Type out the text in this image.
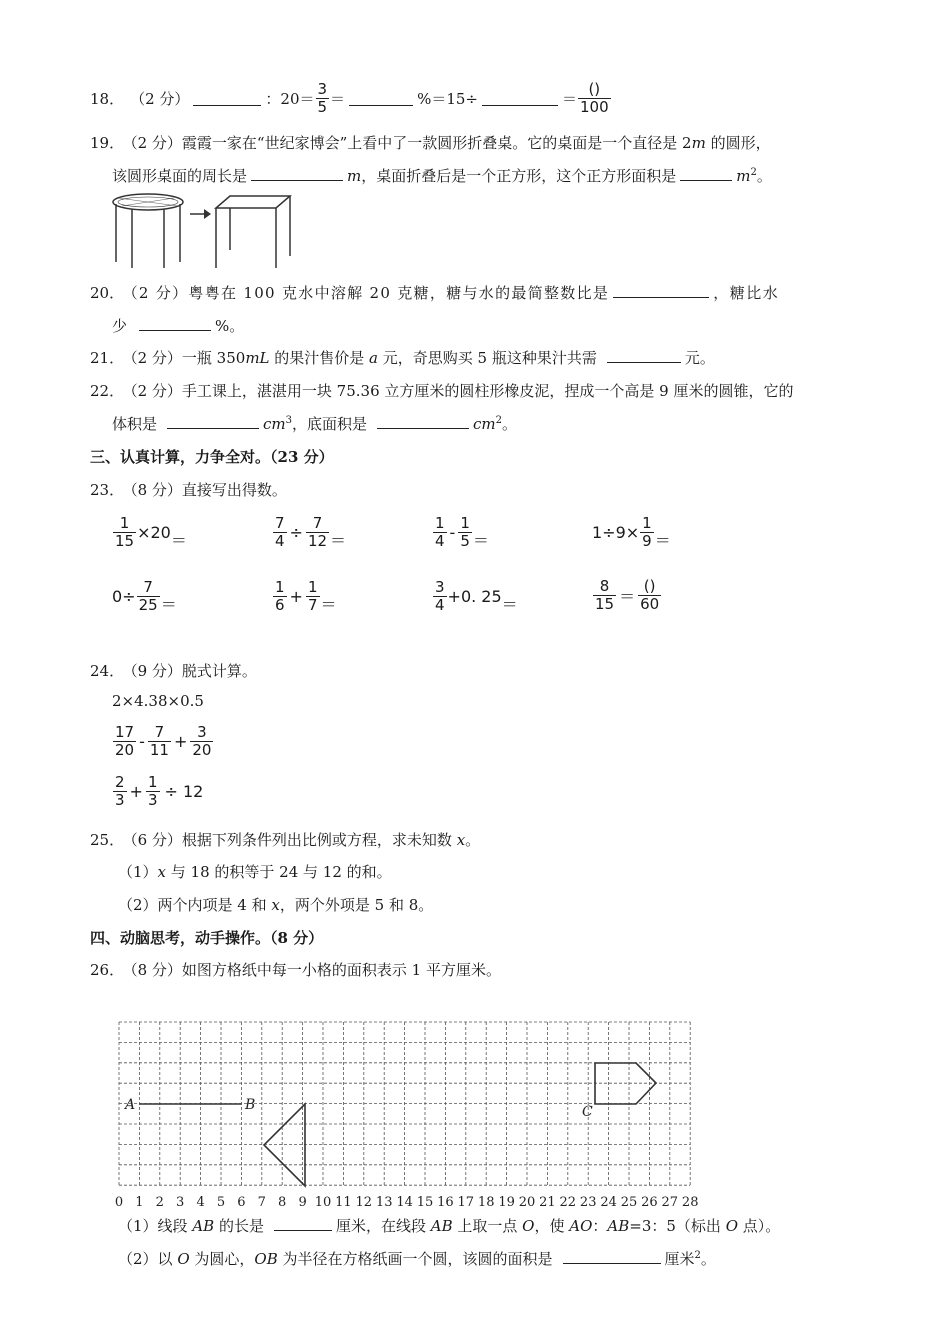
18． （2 分）	：$20= \frac{3}{5}$ ＝	%＝15÷	＝ $\frac{()}{100}$
19． （2 分）霞霞一家在“世纪家博会”上看中了一款圆形折叠桌。它的桌面是一个直径是 2m 的圆形，
该圆形桌面的周长是	m，桌面折叠后是一个正方形，这个正方形面积是	$m^2$。
20． （2 分）粤粤在 100 克水中溶解 20 克糖，糖与水的最简整数比是	，糖比水
少	%。
21． （2 分）一瓶 350mL 的果汁售价是 a 元，奇思购买 5 瓶这种果汁共需	元。
22． （2 分）手工课上，湛湛用一块 75.36 立方厘米的圆柱形橡皮泥，捏成一个高是 9 厘米的圆锥，它的
体积是	$cm^3$，底面积是	$cm^2$。
三、认真计算，力争全对。（23 分）
23． （8 分）直接写出得数。
$\frac{1}{15} \times 20$ ＝	$\frac{7}{4} \div \frac{7}{12}$ ＝	$\frac{1}{4} - \frac{1}{5}$ ＝	$1\div 9\times \frac{1}{9}$ ＝
$0\div \frac{7}{25}$ ＝	$\frac{1}{6} + \frac{1}{7}$ ＝	$\frac{3}{4} +0$. 25 ＝	$\frac{8}{15} = \frac{()}{60}$
24． （9 分）脱式计算。
2×4.38×0.5
$\frac{17}{20} - \frac{7}{11} + \frac{3}{20}$
$\frac{2}{3} + \frac{1}{3} \div 12$
25． （6 分）根据下列条件列出比例或方程，求未知数 x。
（1）x 与 18 的积等于 24 与 12 的和。
（2）两个内项是 4 和 x，两个外项是 5 和 8。
四、动脑思考，动手操作。（8 分）
26． （8 分）如图方格纸中每一小格的面积表示 1 平方厘米。
A	B	C
0 1 2 3 4 5 6 7 8 9 10 11 12 13 14 15 16 17 18 19 20 21 22 23 24 25 26 27 28
（1）线段 AB 的长是	厘米，在线段 AB 上取一点 O，使 AO：AB=3：5（标出 O 点）。
（2）以 O 为圆心，OB 为半径在方格纸画一个圆，该圆的面积是	厘米$^2$。
